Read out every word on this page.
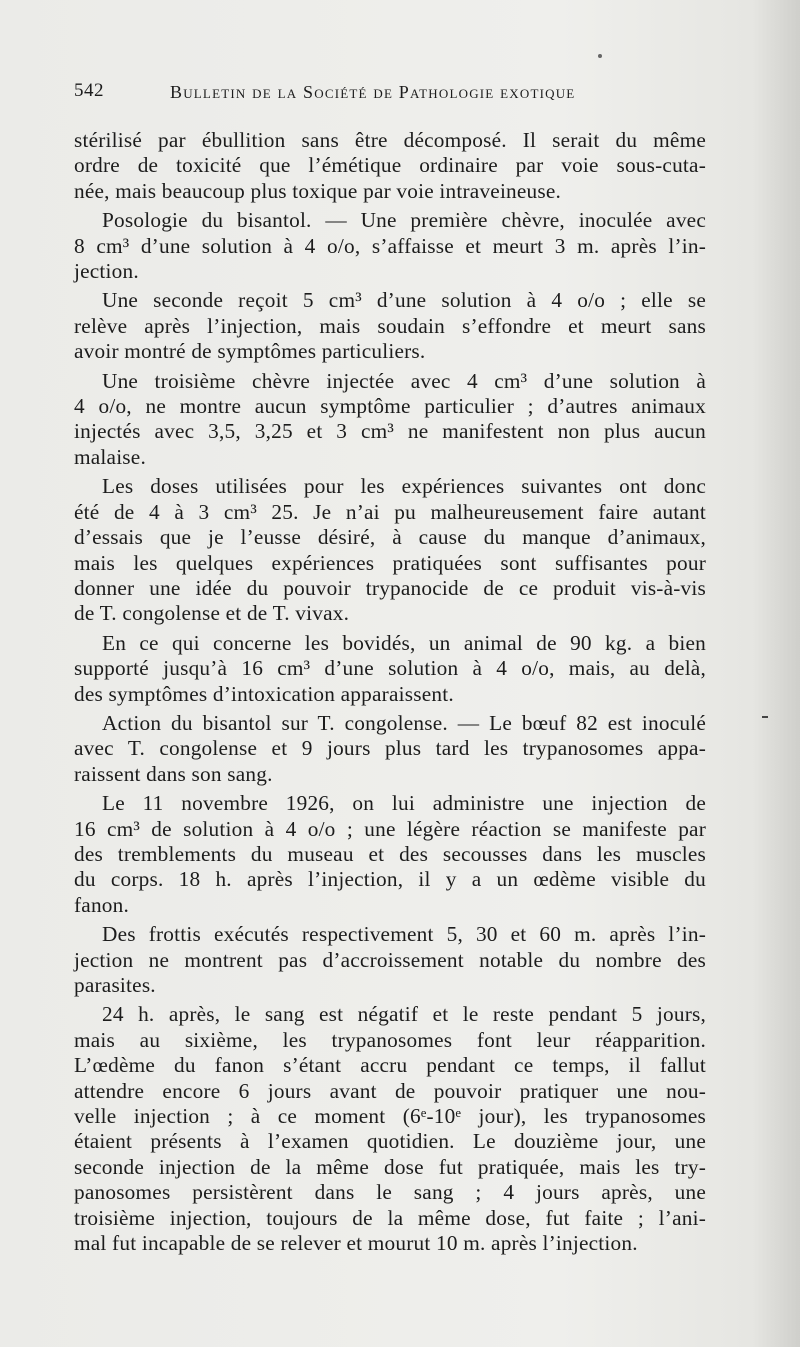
542	Bulletin de la Société de Pathologie exotique
stérilisé par ébullition sans être décomposé. Il serait du même
ordre de toxicité que l’émétique ordinaire par voie sous-cuta-
née, mais beaucoup plus toxique par voie intraveineuse.
Posologie du bisantol. — Une première chèvre, inoculée avec
8 cm³ d’une solution à 4 o/o, s’affaisse et meurt 3 m. après l’in-
jection.
Une seconde reçoit 5 cm³ d’une solution à 4 o/o ; elle se
relève après l’injection, mais soudain s’effondre et meurt sans
avoir montré de symptômes particuliers.
Une troisième chèvre injectée avec 4 cm³ d’une solution à
4 o/o, ne montre aucun symptôme particulier ; d’autres animaux
injectés avec 3,5, 3,25 et 3 cm³ ne manifestent non plus aucun
malaise.
Les doses utilisées pour les expériences suivantes ont donc
été de 4 à 3 cm³ 25. Je n’ai pu malheureusement faire autant
d’essais que je l’eusse désiré, à cause du manque d’animaux,
mais les quelques expériences pratiquées sont suffisantes pour
donner une idée du pouvoir trypanocide de ce produit vis-à-vis
de T. congolense et de T. vivax.
En ce qui concerne les bovidés, un animal de 90 kg. a bien
supporté jusqu’à 16 cm³ d’une solution à 4 o/o, mais, au delà,
des symptômes d’intoxication apparaissent.
Action du bisantol sur T. congolense. — Le bœuf 82 est inoculé
avec T. congolense et 9 jours plus tard les trypanosomes appa-
raissent dans son sang.
Le 11 novembre 1926, on lui administre une injection de
16 cm³ de solution à 4 o/o ; une légère réaction se manifeste par
des tremblements du museau et des secousses dans les muscles
du corps. 18 h. après l’injection, il y a un œdème visible du
fanon.
Des frottis exécutés respectivement 5, 30 et 60 m. après l’in-
jection ne montrent pas d’accroissement notable du nombre des
parasites.
24 h. après, le sang est négatif et le reste pendant 5 jours,
mais au sixième, les trypanosomes font leur réapparition.
L’œdème du fanon s’étant accru pendant ce temps, il fallut
attendre encore 6 jours avant de pouvoir pratiquer une nou-
velle injection ; à ce moment (6ᵉ-10ᵉ jour), les trypanosomes
étaient présents à l’examen quotidien. Le douzième jour, une
seconde injection de la même dose fut pratiquée, mais les try-
panosomes persistèrent dans le sang ; 4 jours après, une
troisième injection, toujours de la même dose, fut faite ; l’ani-
mal fut incapable de se relever et mourut 10 m. après l’injection.
